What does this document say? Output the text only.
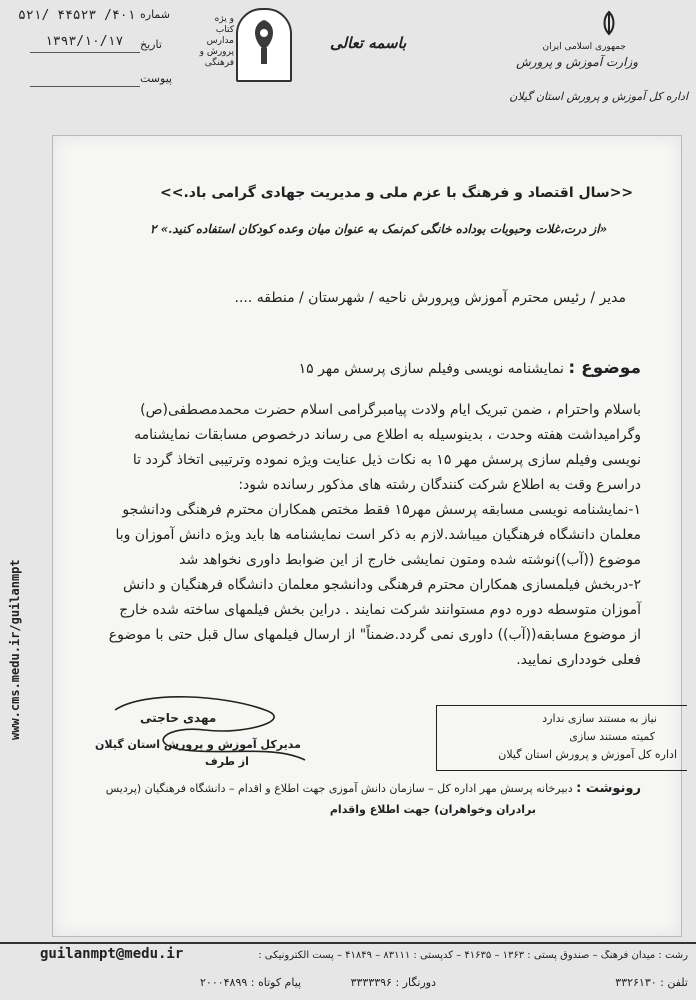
۵۲۱/ ۴۴۵۲۳ /۴۰۱ شماره
۱۳۹۳/۱۰/۱۷ تاریخ
پیوست
و یژه کتاب مدارس پرورش و فرهنگی
باسمه تعالی	جمهوری اسلامی ایران
وزارت آموزش و پرورش
اداره کل آموزش و پرورش استان گیلان
www.cms.medu.ir/guilanmpt
<<سال اقتصاد و فرهنگ با عزم ملی و مدیریت جهادی گرامی باد.>>
«از درت،غلات وحبوبات بوداده خانگی کم‌نمک به عنوان میان وعده کودکان استفاده کنید.» ۲
مدیر / رئیس محترم آموزش وپرورش ناحیه / شهرستان / منطقه ....
موضوع : نمایشنامه نویسی وفیلم سازی پرسش مهر ۱۵

باسلام واحترام ، ضمن تبریک ایام ولادت پیامبرگرامی اسلام حضرت محمدمصطفی(ص)

وگرامیداشت هفته وحدت ، بدینوسیله به اطلاع می رساند درخصوص مسابقات نمایشنامه

نویسی وفیلم سازی پرسش مهر ۱۵ به نکات ذیل عنایت ویژه نموده وترتیبی اتخاذ گردد تا

دراسرع وقت به اطلاع شرکت کنندگان رشته های مذکور رسانده شود:

۱-نمایشنامه نویسی مسابقه پرسش مهر۱۵ فقط مختص همکاران محترم فرهنگی ودانشجو

معلمان دانشگاه فرهنگیان میباشد.لازم به ذکر است نمایشنامه ها باید ویژه دانش آموزان وبا

موضوع ((آب))نوشته شده ومتون نمایشی خارج از این ضوابط داوری نخواهد شد

۲-دربخش فیلمسازی همکاران محترم فرهنگی ودانشجو معلمان دانشگاه فرهنگیان و دانش

آموزان متوسطه دوره دوم مستوانند شرکت نمایند . دراین بخش فیلمهای ساخته شده خارج

از موضوع مسابقه((آب)) داوری نمی گردد.ضمناً" از ارسال فیلمهای سال قبل حتی با موضوع

فعلی خودداری نمایید.

مهدی حاجتی
مدیرکل آموزش و پرورش استان گیلان
از طرف
نیاز به مستند سازی ندارد
کمیته مستند سازی
اداره کل آموزش و پرورش استان گیلان
رونوشت : دبیرخانه پرسش مهر اداره کل – سازمان دانش آموزی جهت اطلاع و اقدام – دانشگاه فرهنگیان (پردیس
برادران وخواهران) جهت اطلاع واقدام
guilanmpt@medu.ir	رشت : میدان فرهنگ – صندوق پستی : ۱۳۶۳ – ۴۱۶۳۵ – کدپستی : ۸۳۱۱۱ – ۴۱۸۴۹ – پست الکترونیکی :
تلفن : ۳۳۲۶۱۳۰
دورنگار : ۳۳۳۳۳۹۶
پیام کوتاه : ۲۰۰۰۴۸۹۹
